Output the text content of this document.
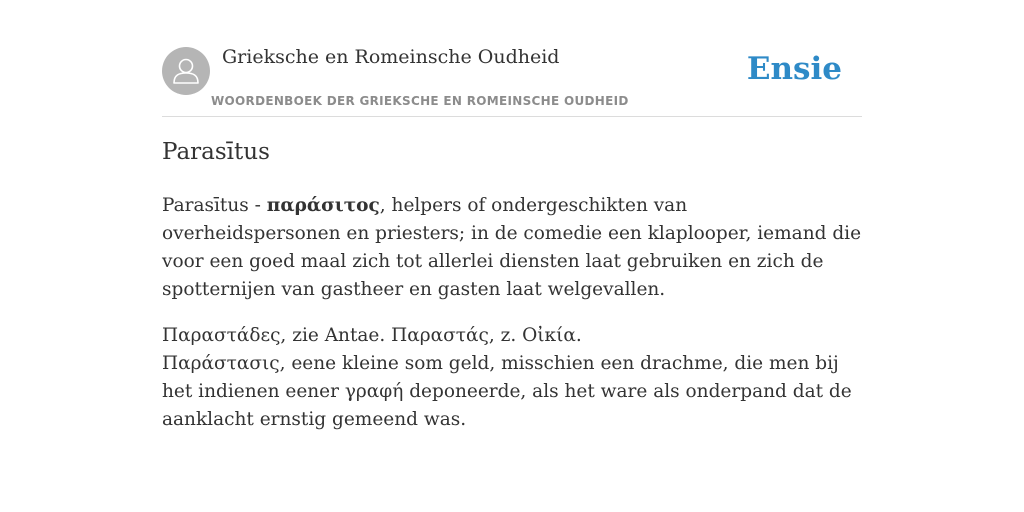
Grieksche en Romeinsche Oudheid
WOORDENBOEK DER GRIEKSCHE EN ROMEINSCHE OUDHEID
Ensie
Parasītus

Parasītus - παράσιτος, helpers of ondergeschikten van overheidspersonen en priesters; in de comedie een klaplooper, iemand die voor een goed maal zich tot allerlei diensten laat gebruiken en zich de spotternijen van gastheer en gasten laat welgevallen.

Παραστάδες, zie Antae. Παραστάς, z. Οἰκία.
Παράστασις, eene kleine som geld, misschien een drachme, die men bij het indienen eener γραφή deponeerde, als het ware als onderpand dat de aanklacht ernstig gemeend was.
